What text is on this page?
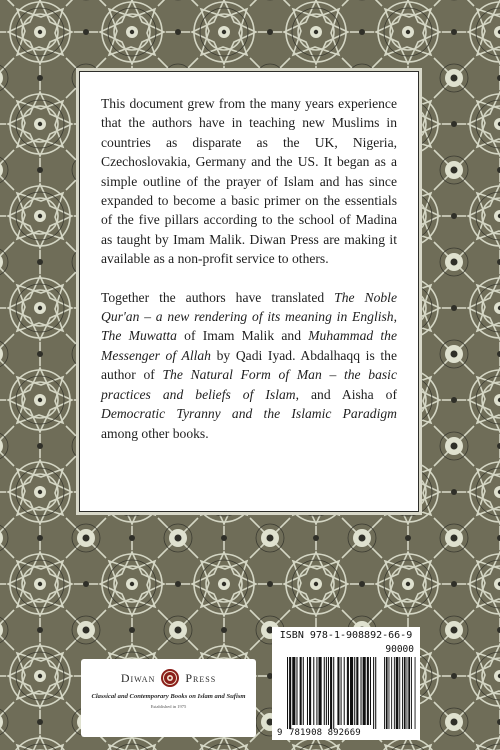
This document grew from the many years experience that the authors have in teaching new Muslims in countries as disparate as the UK, Nigeria, Czechoslovakia, Germany and the US. It began as a simple outline of the prayer of Islam and has since expanded to become a basic primer on the essentials of the five pillars according to the school of Madina as taught by Imam Malik. Diwan Press are making it available as a non-profit service to others.

Together the authors have translated The Noble Qur'an – a new rendering of its meaning in English, The Muwatta of Imam Malik and Muhammad the Messenger of Allah by Qadi Iyad. Abdalhaqq is the author of The Natural Form of Man – the basic practices and beliefs of Islam, and Aisha of Democratic Tyranny and the Islamic Paradigm among other books.

Diwan	Press
Classical and Contemporary Books on Islam and Sufism
Established in 1975
ISBN 978-1-908892-66-9
90000
9 781908 892669
